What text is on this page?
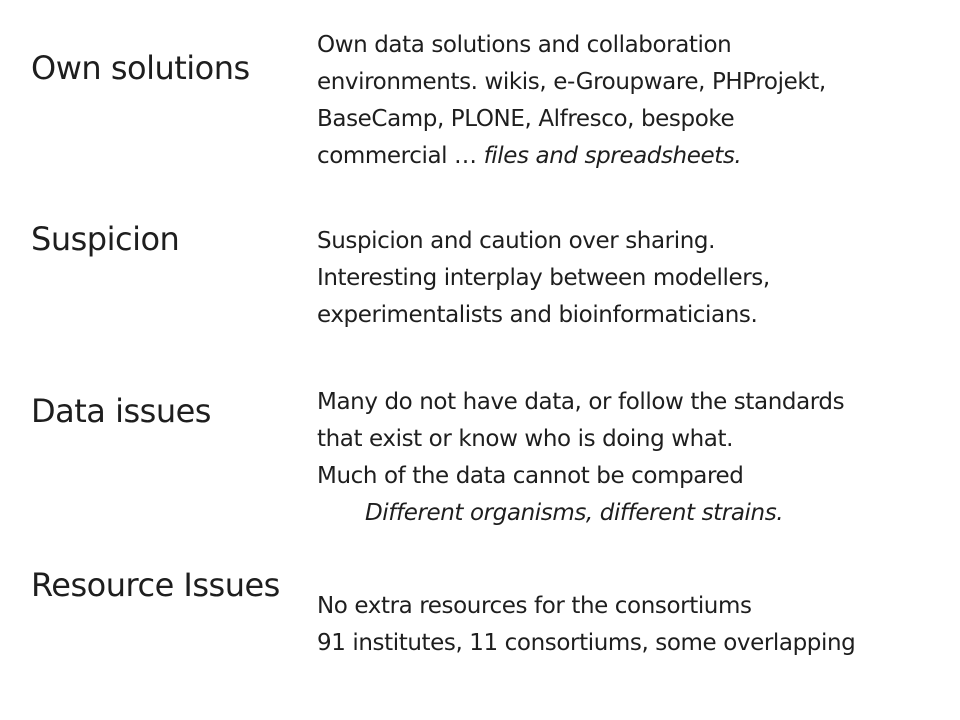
Own solutions
Own data solutions and collaboration
environments. wikis, e-Groupware, PHProjekt,
BaseCamp, PLONE, Alfresco, bespoke
commercial … files and spreadsheets.
Suspicion	Suspicion and caution over sharing.
Interesting interplay between modellers,
experimentalists and bioinformaticians.
Data issues	Many do not have data, or follow the standards
that exist or know who is doing what.
Much of the data cannot be compared
Different organisms, different strains.
Resource Issues
No extra resources for the consortiums
91 institutes, 11 consortiums, some overlapping
